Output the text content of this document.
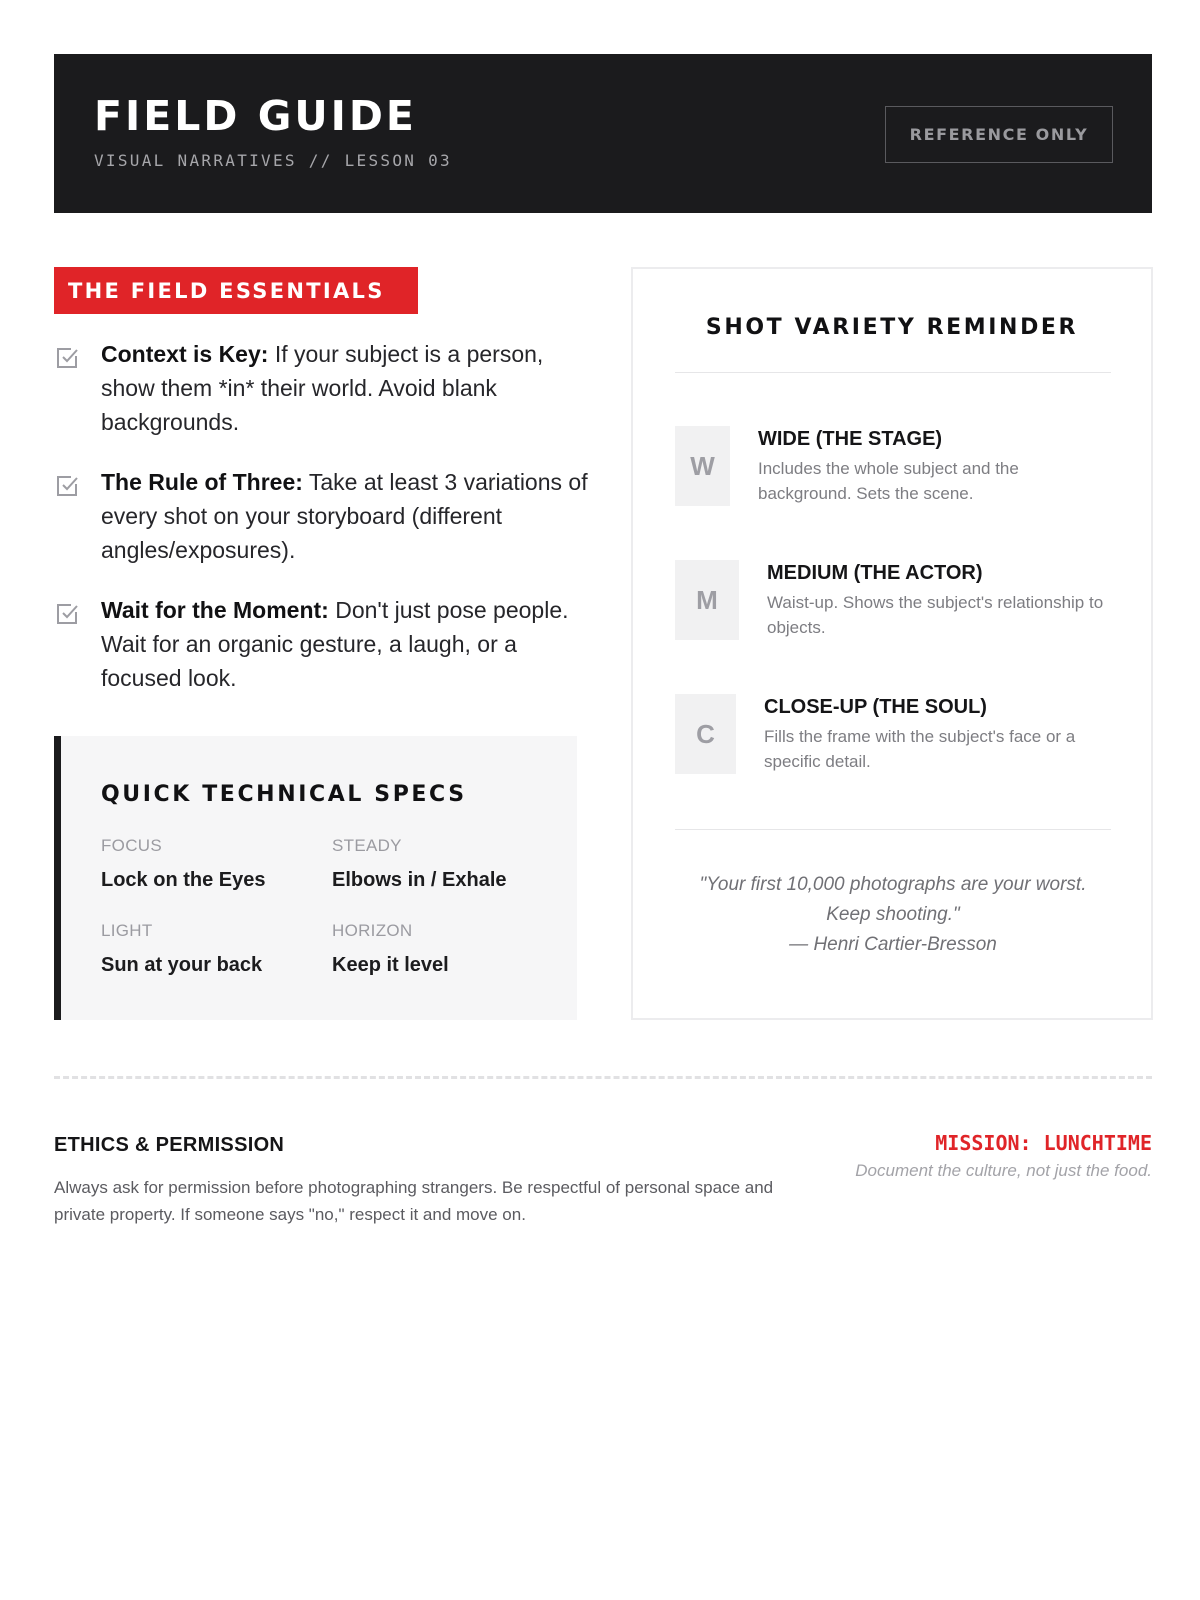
FIELD GUIDE
VISUAL NARRATIVES // LESSON 03
REFERENCE ONLY
THE FIELD ESSENTIALS
Context is Key: If your subject is a person, show them *in* their world. Avoid blank backgrounds.
The Rule of Three: Take at least 3 variations of every shot on your storyboard (different angles/exposures).
Wait for the Moment: Don't just pose people. Wait for an organic gesture, a laugh, or a focused look.
QUICK TECHNICAL SPECS
FOCUS
Lock on the Eyes
STEADY
Elbows in / Exhale
LIGHT
Sun at your back
HORIZON
Keep it level
SHOT VARIETY REMINDER
W
WIDE (THE STAGE)
Includes the whole subject and the background. Sets the scene.
M
MEDIUM (THE ACTOR)
Waist-up. Shows the subject's relationship to objects.
C
CLOSE-UP (THE SOUL)
Fills the frame with the subject's face or a specific detail.
"Your first 10,000 photographs are your worst.
Keep shooting."
— Henri Cartier-Bresson
ETHICS & PERMISSION
Always ask for permission before photographing strangers. Be respectful of personal space and private property. If someone says "no," respect it and move on.
MISSION: LUNCHTIME
Document the culture, not just the food.
